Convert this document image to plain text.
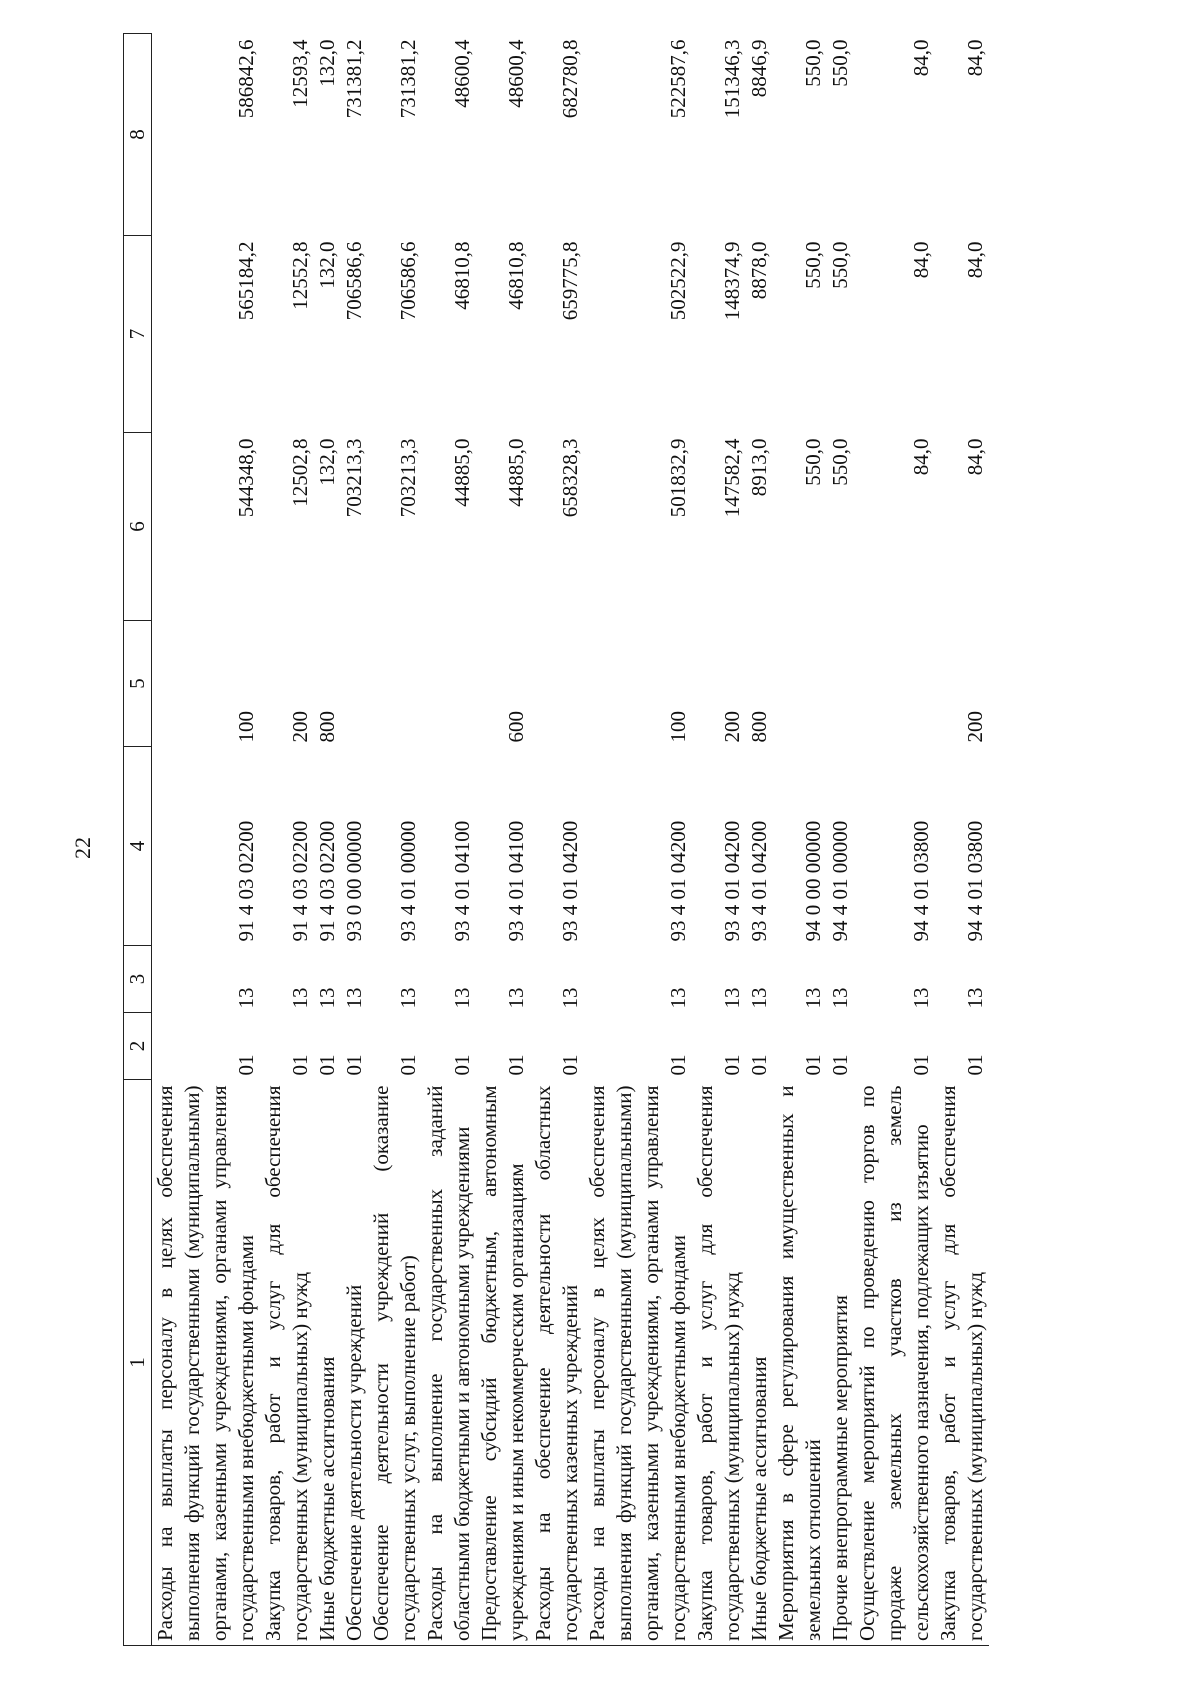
22
1	2	3	4	5	6	7	8
Расходы на выплаты персоналу в целях обеспечения выполнения функций государственными (муниципальными) органами, казенными учреждениями, органами управления государственными внебюджетными фондами	01	13	91 4 03 02200	100	544348,0	565184,2	586842,6
Закупка товаров, работ и услуг для обеспечения государственных (муниципальных) нужд	01	13	91 4 03 02200	200	12502,8	12552,8	12593,4
Иные бюджетные ассигнования	01	13	91 4 03 02200	800	132,0	132,0	132,0
Обеспечение деятельности учреждений	01	13	93 0 00 00000		703213,3	706586,6	731381,2
Обеспечение деятельности учреждений (оказание государственных услуг, выполнение работ)	01	13	93 4 01 00000		703213,3	706586,6	731381,2
Расходы на выполнение государственных заданий областными бюджетными и автономными учреждениями	01	13	93 4 01 04100		44885,0	46810,8	48600,4
Предоставление субсидий бюджетным, автономным учреждениям и иным некоммерческим организациям	01	13	93 4 01 04100	600	44885,0	46810,8	48600,4
Расходы на обеспечение деятельности областных государственных казенных учреждений	01	13	93 4 01 04200		658328,3	659775,8	682780,8
Расходы на выплаты персоналу в целях обеспечения выполнения функций государственными (муниципальными) органами, казенными учреждениями, органами управления государственными внебюджетными фондами	01	13	93 4 01 04200	100	501832,9	502522,9	522587,6
Закупка товаров, работ и услуг для обеспечения государственных (муниципальных) нужд	01	13	93 4 01 04200	200	147582,4	148374,9	151346,3
Иные бюджетные ассигнования	01	13	93 4 01 04200	800	8913,0	8878,0	8846,9
Мероприятия в сфере регулирования имущественных и земельных отношений	01	13	94 0 00 00000		550,0	550,0	550,0
Прочие внепрограммные мероприятия	01	13	94 4 01 00000		550,0	550,0	550,0
Осуществление мероприятий по проведению торгов по продаже земельных участков из земель сельскохозяйственного назначения, подлежащих изъятию	01	13	94 4 01 03800		84,0	84,0	84,0
Закупка товаров, работ и услуг для обеспечения государственных (муниципальных) нужд	01	13	94 4 01 03800	200	84,0	84,0	84,0
